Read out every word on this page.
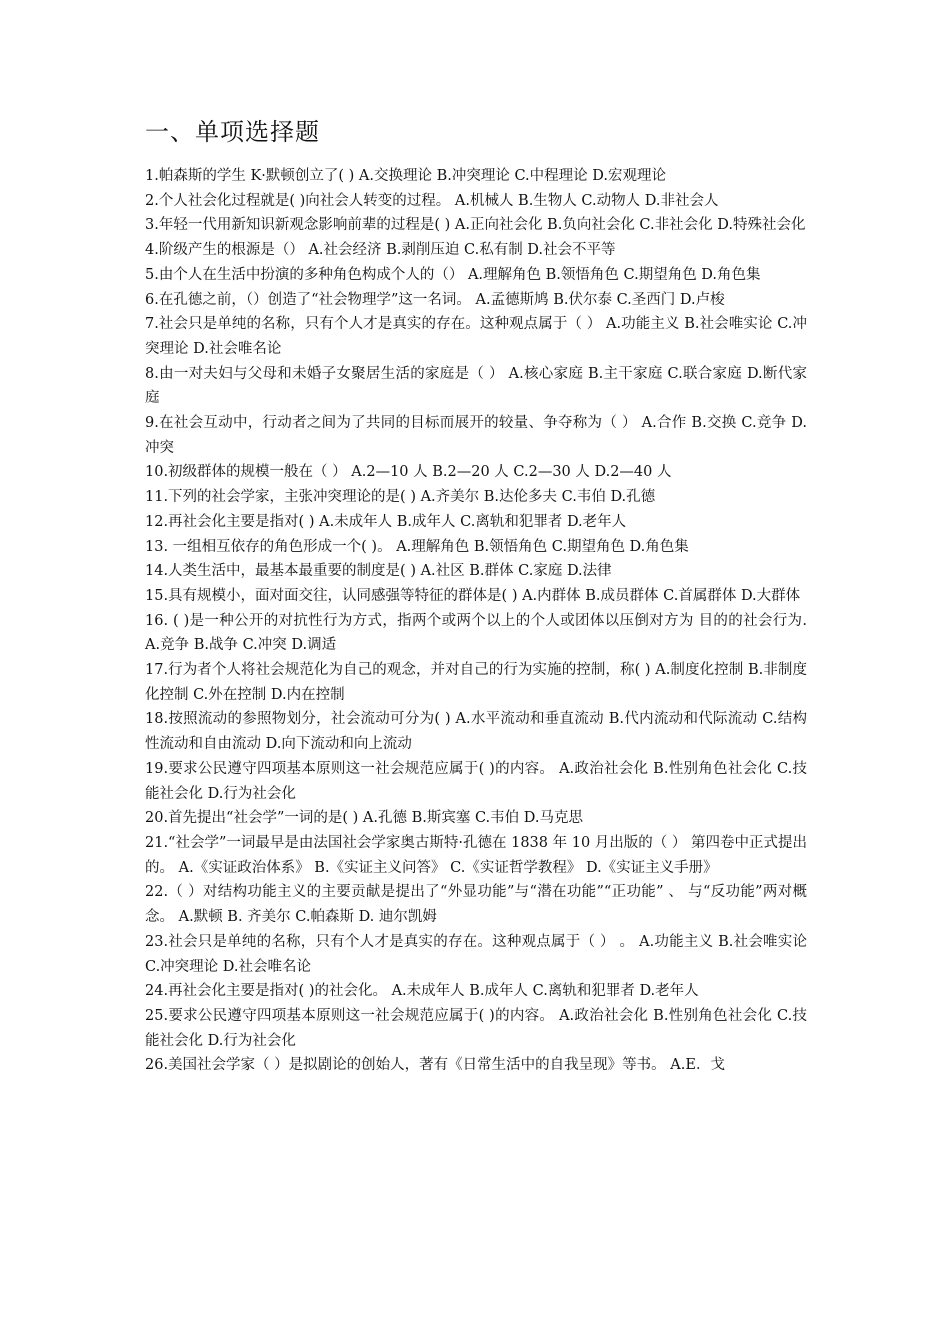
一、单项选择题

1.帕森斯的学生 K·默顿创立了( ) A.交换理论 B.冲突理论 C.中程理论 D.宏观理论

2.个人社会化过程就是( )向社会人转变的过程。 A.机械人 B.生物人 C.动物人 D.非社会人

3.年轻一代用新知识新观念影响前辈的过程是( ) A.正向社会化 B.负向社会化 C.非社会化 D.特殊社会化

4.阶级产生的根源是（） A.社会经济 B.剥削压迫 C.私有制 D.社会不平等

5.由个人在生活中扮演的多种角色构成个人的（） A.理解角色 B.领悟角色 C.期望角色 D.角色集

6.在孔德之前，（）创造了“社会物理学”这一名词。 A.孟德斯鸠 B.伏尔泰 C.圣西门 D.卢梭

7.社会只是单纯的名称，只有个人才是真实的存在。这种观点属于（ ） A.功能主义 B.社会唯实论 C.冲突理论 D.社会唯名论

8.由一对夫妇与父母和未婚子女聚居生活的家庭是（ ） A.核心家庭 B.主干家庭 C.联合家庭 D.断代家庭

9.在社会互动中，行动者之间为了共同的目标而展开的较量、争夺称为（ ） A.合作 B.交换 C.竞争 D.冲突

10.初级群体的规模一般在（ ） A.2—10 人 B.2—20 人 C.2—30 人 D.2—40 人

11.下列的社会学家，主张冲突理论的是( ) A.齐美尔 B.达伦多夫 C.韦伯 D.孔德

12.再社会化主要是指对( ) A.未成年人 B.成年人 C.离轨和犯罪者 D.老年人

13. 一组相互依存的角色形成一个( )。 A.理解角色 B.领悟角色 C.期望角色 D.角色集

14.人类生活中，最基本最重要的制度是( ) A.社区 B.群体 C.家庭 D.法律

15.具有规模小，面对面交往，认同感强等特征的群体是( ) A.内群体 B.成员群体 C.首属群体 D.大群体

16. ( )是一种公开的对抗性行为方式，指两个或两个以上的个人或团体以压倒对方为 目的的社会行为. A.竞争 B.战争 C.冲突 D.调适

17.行为者个人将社会规范化为自己的观念，并对自己的行为实施的控制，称( ) A.制度化控制 B.非制度化控制 C.外在控制 D.内在控制

18.按照流动的参照物划分，社会流动可分为( ) A.水平流动和垂直流动 B.代内流动和代际流动 C.结构性流动和自由流动 D.向下流动和向上流动

19.要求公民遵守四项基本原则这一社会规范应属于( )的内容。 A.政治社会化 B.性别角色社会化 C.技能社会化 D.行为社会化

20.首先提出“社会学”一词的是( ) A.孔德 B.斯宾塞 C.韦伯 D.马克思

21.“社会学”一词最早是由法国社会学家奥古斯特·孔德在 1838 年 10 月出版的（ ） 第四卷中正式提出的。 A.《实证政治体系》 B.《实证主义问答》 C.《实证哲学教程》 D.《实证主义手册》

22.（ ）对结构功能主义的主要贡献是提出了“外显功能”与“潜在功能”“正功能” 、 与“反功能”两对概念。 A.默顿 B. 齐美尔 C.帕森斯 D. 迪尔凯姆

23.社会只是单纯的名称，只有个人才是真实的存在。这种观点属于（ ） 。 A.功能主义 B.社会唯实论 C.冲突理论 D.社会唯名论

24.再社会化主要是指对( )的社会化。 A.未成年人 B.成年人 C.离轨和犯罪者 D.老年人

25.要求公民遵守四项基本原则这一社会规范应属于( )的内容。 A.政治社会化 B.性别角色社会化 C.技能社会化 D.行为社会化

26.美国社会学家（ ）是拟剧论的创始人，著有《日常生活中的自我呈现》等书。 A.E．戈
